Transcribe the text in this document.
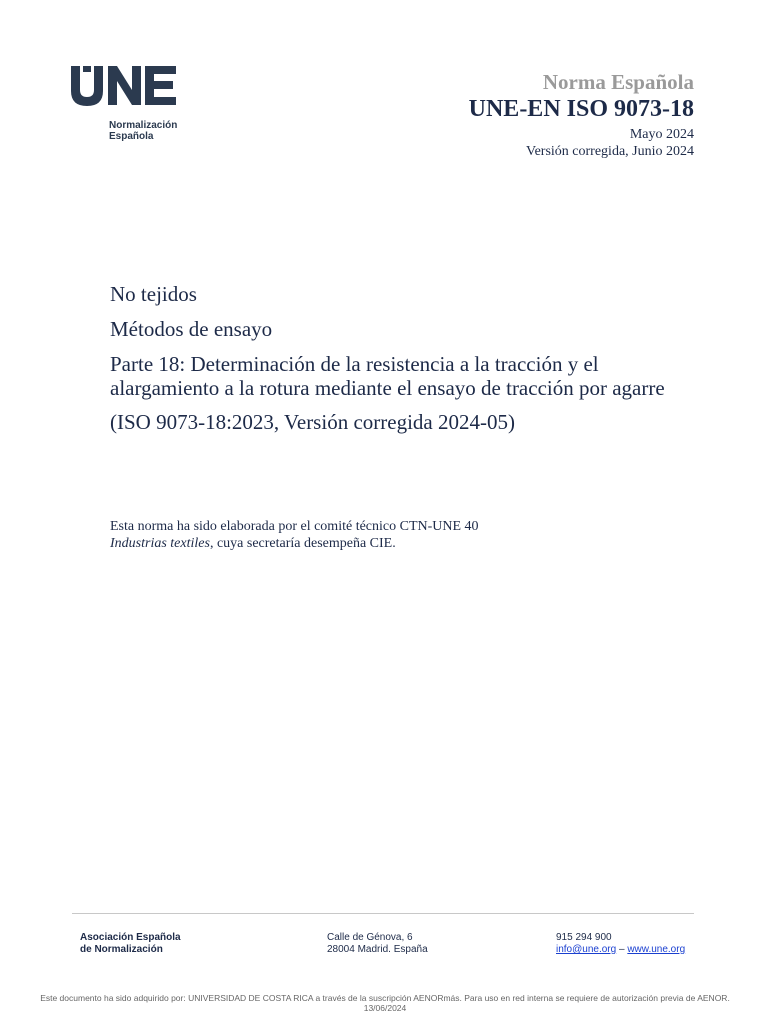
Normalización
Española
Norma Española
UNE-EN ISO 9073-18
Mayo 2024
Versión corregida, Junio 2024
No tejidos
Métodos de ensayo
Parte 18: Determinación de la resistencia a la tracción y el alargamiento a la rotura mediante el ensayo de tracción por agarre
(ISO 9073-18:2023, Versión corregida 2024-05)
Esta norma ha sido elaborada por el comité técnico CTN-UNE 40 Industrias textiles, cuya secretaría desempeña CIE.
Asociación Española
de Normalización
Calle de Génova, 6
28004 Madrid. España
915 294 900
info@une.org – www.une.org
Este documento ha sido adquirido por: UNIVERSIDAD DE COSTA RICA a través de la suscripción AENORmás. Para uso en red interna se requiere de autorización previa de AENOR.
13/06/2024
